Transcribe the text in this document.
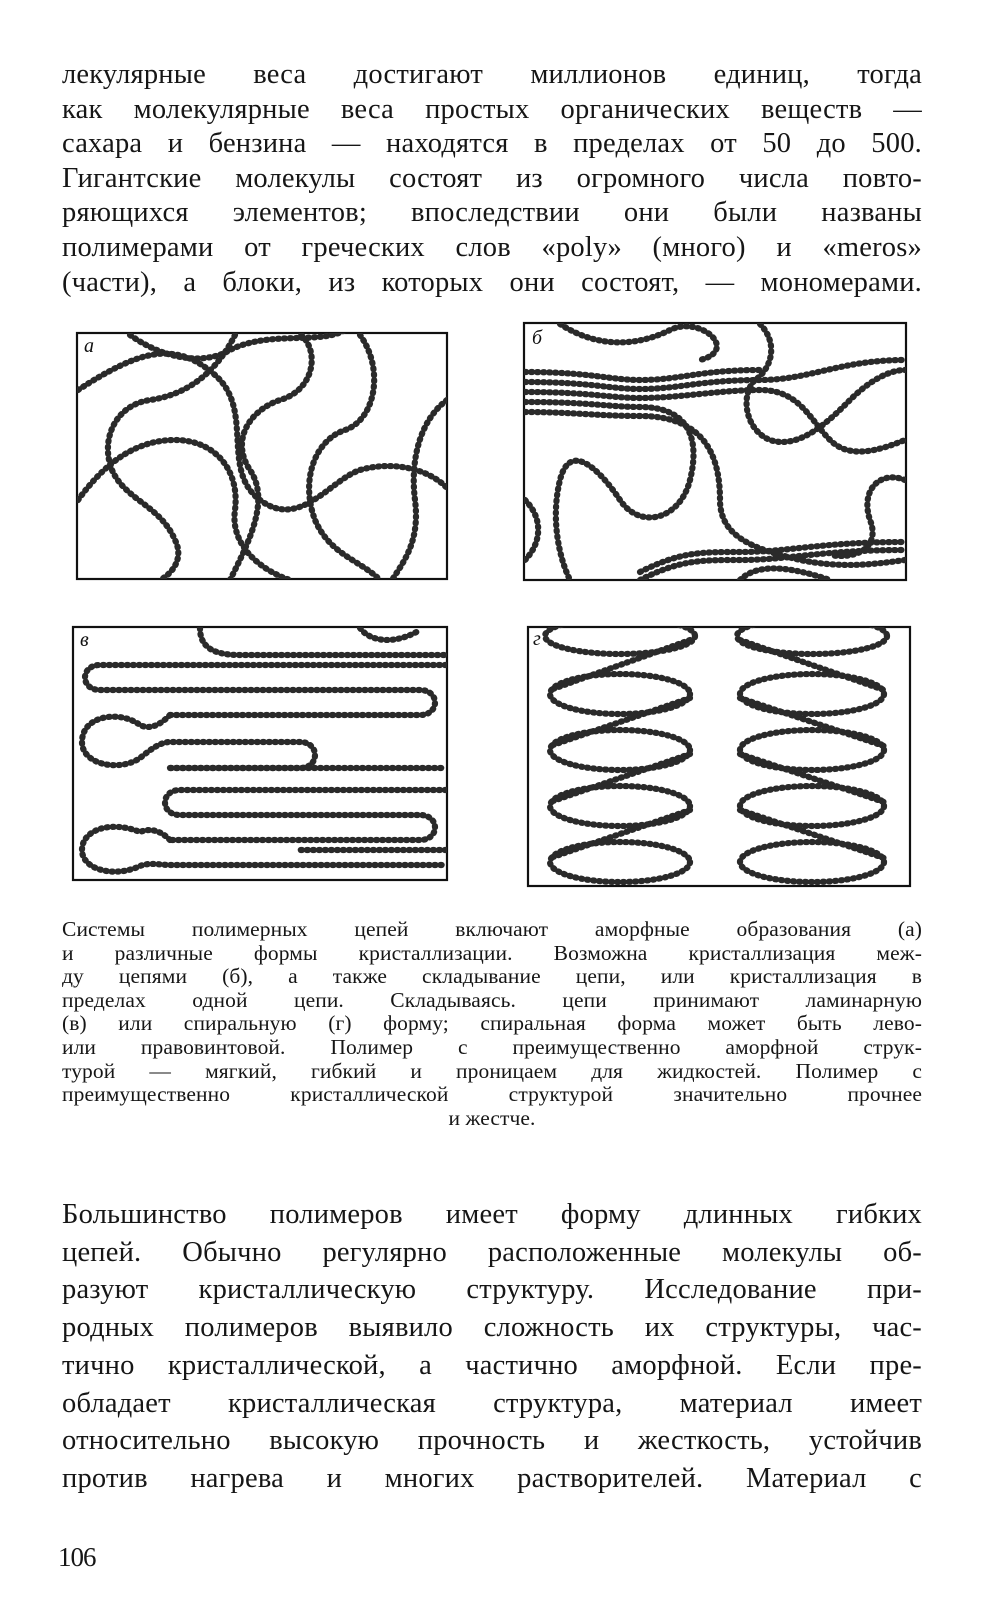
лекулярные веса достигают миллионов единиц, тогда
как молекулярные веса простых органических веществ —
сахара и бензина — находятся в пределах от 50 до 500.
Гигантские молекулы состоят из огромного числа повто-
ряющихся элементов; впоследствии они были названы
полимерами от греческих слов «poly» (много) и «meros»
(части), а блоки, из которых они состоят, — мономерами.
а	б
в	г
Системы полимерных цепей включают аморфные образования (а)
и различные формы кристаллизации. Возможна кристаллизация меж-
ду цепями (б), а также складывание цепи, или кристаллизация в
пределах одной цепи. Складываясь. цепи принимают ламинарную
(в) или спиральную (г) форму; спиральная форма может быть лево-
или правовинтовой. Полимер с преимущественно аморфной струк-
турой — мягкий, гибкий и проницаем для жидкостей. Полимер с
преимущественно кристаллической структурой значительно прочнее
и жестче.
Большинство полимеров имеет форму длинных гибких
цепей. Обычно регулярно расположенные молекулы об-
разуют кристаллическую структуру. Исследование при-
родных полимеров выявило сложность их структуры, час-
тично кристаллической, а частично аморфной. Если пре-
обладает кристаллическая структура, материал имеет
относительно высокую прочность и жесткость, устойчив
против нагрева и многих растворителей. Материал с
106
